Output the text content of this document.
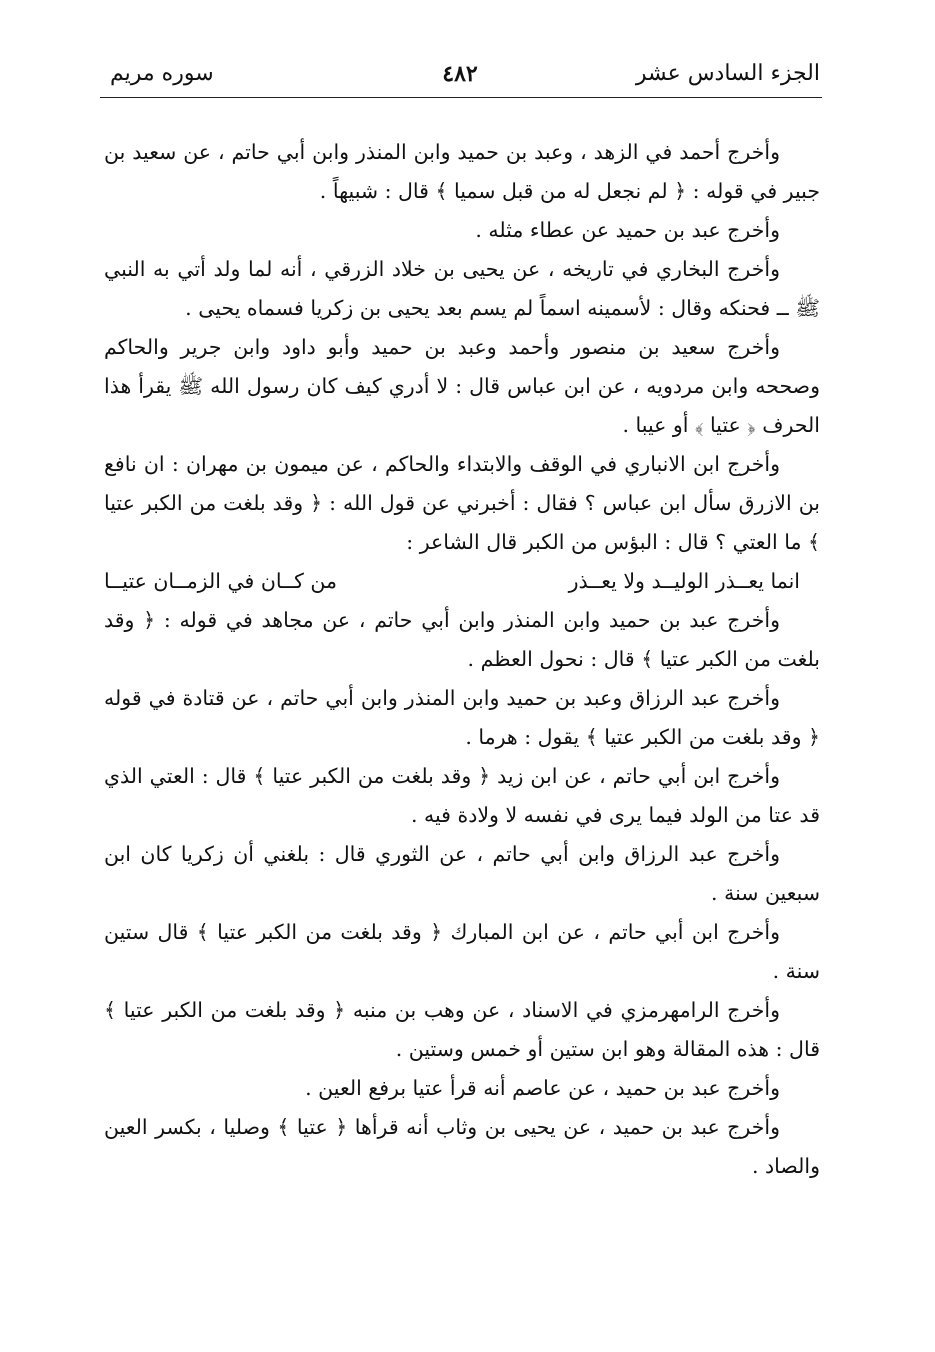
الجزء السادس عشر
٤٨٢
سوره مريم

وأخرج أحمد في الزهد ، وعبد بن حميد وابن المنذر وابن أبي حاتم ، عن سعيد بن جبير في قوله : ﴿ لم نجعل له من قبل سميا ﴾ قال : شبيهاً .

وأخرج عبد بن حميد عن عطاء مثله .

وأخرج البخاري في تاريخه ، عن يحيى بن خلاد الزرقي ، أنه لما ولد أتي به النبي ﷺ ــ فحنكه وقال : لأسمينه اسماً لم يسم بعد يحيى بن زكريا فسماه يحيى .

وأخرج سعيد بن منصور وأحمد وعبد بن حميد وأبو داود وابن جرير والحاكم وصححه وابن مردويه ، عن ابن عباس قال : لا أدري كيف كان رسول الله ﷺ يقرأ هذا الحرف ﴿ عتيا ﴾ أو عيبا .

وأخرج ابن الانباري في الوقف والابتداء والحاكم ، عن ميمون بن مهران : ان نافع بن الازرق سأل ابن عباس ؟ فقال : أخبرني عن قول الله : ﴿ وقد بلغت من الكبر عتيا ﴾ ما العتي ؟ قال : البؤس من الكبر قال الشاعر :

انما يعــذر الوليــد ولا يعــذر
من كــان في الزمــان عتيــا

وأخرج عبد بن حميد وابن المنذر وابن أبي حاتم ، عن مجاهد في قوله : ﴿ وقد بلغت من الكبر عتيا ﴾ قال : نحول العظم .

وأخرج عبد الرزاق وعبد بن حميد وابن المنذر وابن أبي حاتم ، عن قتادة في قوله ﴿ وقد بلغت من الكبر عتيا ﴾ يقول : هرما .

وأخرج ابن أبي حاتم ، عن ابن زيد ﴿ وقد بلغت من الكبر عتيا ﴾ قال : العتي الذي قد عتا من الولد فيما يرى في نفسه لا ولادة فيه .

وأخرج عبد الرزاق وابن أبي حاتم ، عن الثوري قال : بلغني أن زكريا كان ابن سبعين سنة .

وأخرج ابن أبي حاتم ، عن ابن المبارك ﴿ وقد بلغت من الكبر عتيا ﴾ قال ستين سنة .

وأخرج الرامهرمزي في الاسناد ، عن وهب بن منبه ﴿ وقد بلغت من الكبر عتيا ﴾ قال : هذه المقالة وهو ابن ستين أو خمس وستين .

وأخرج عبد بن حميد ، عن عاصم أنه قرأ عتيا برفع العين .

وأخرج عبد بن حميد ، عن يحيى بن وثاب أنه قرأها ﴿ عتيا ﴾ وصليا ، بكسر العين والصاد .
